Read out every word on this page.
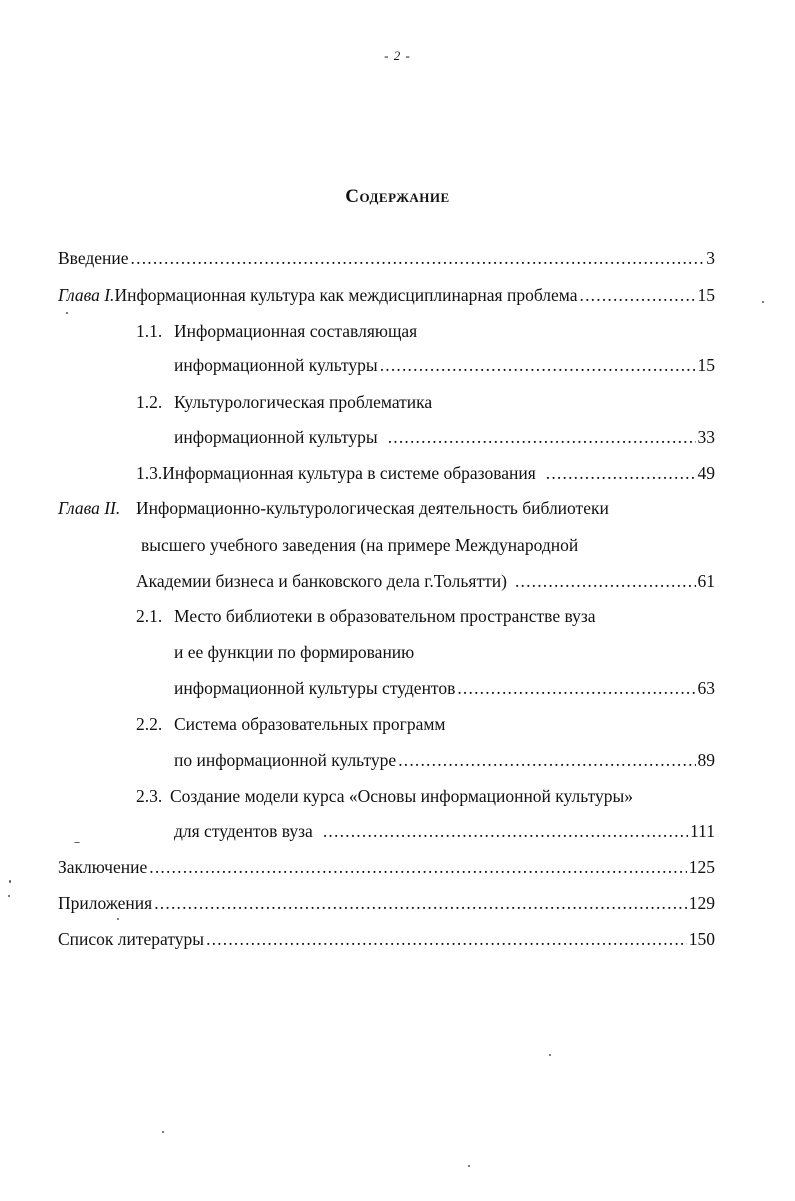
- 2 -
Содержание
Введение .....	3
Глава I. Информационная культура как междисциплинарная проблема .....	15
1.1. Информационная составляющая
информационной культуры .....	15
1.2. Культурологическая проблематика
информационной культуры .....	33
1.3. Информационная культура в системе образования .....	49
Глава II. Информационно-культурологическая деятельность библиотеки
высшего учебного заведения (на примере Международной
Академии бизнеса и банковского дела г.Тольятти) .....	61
2.1. Место библиотеки в образовательном пространстве вуза
и ее функции по формированию
информационной культуры студентов .....	63
2.2. Система образовательных программ
по информационной культуре .....	89
2.3. Создание модели курса «Основы информационной культуры»
для студентов вуза .....	111
Заключение .....	125
Приложения .....	129
Список литературы .....	150
